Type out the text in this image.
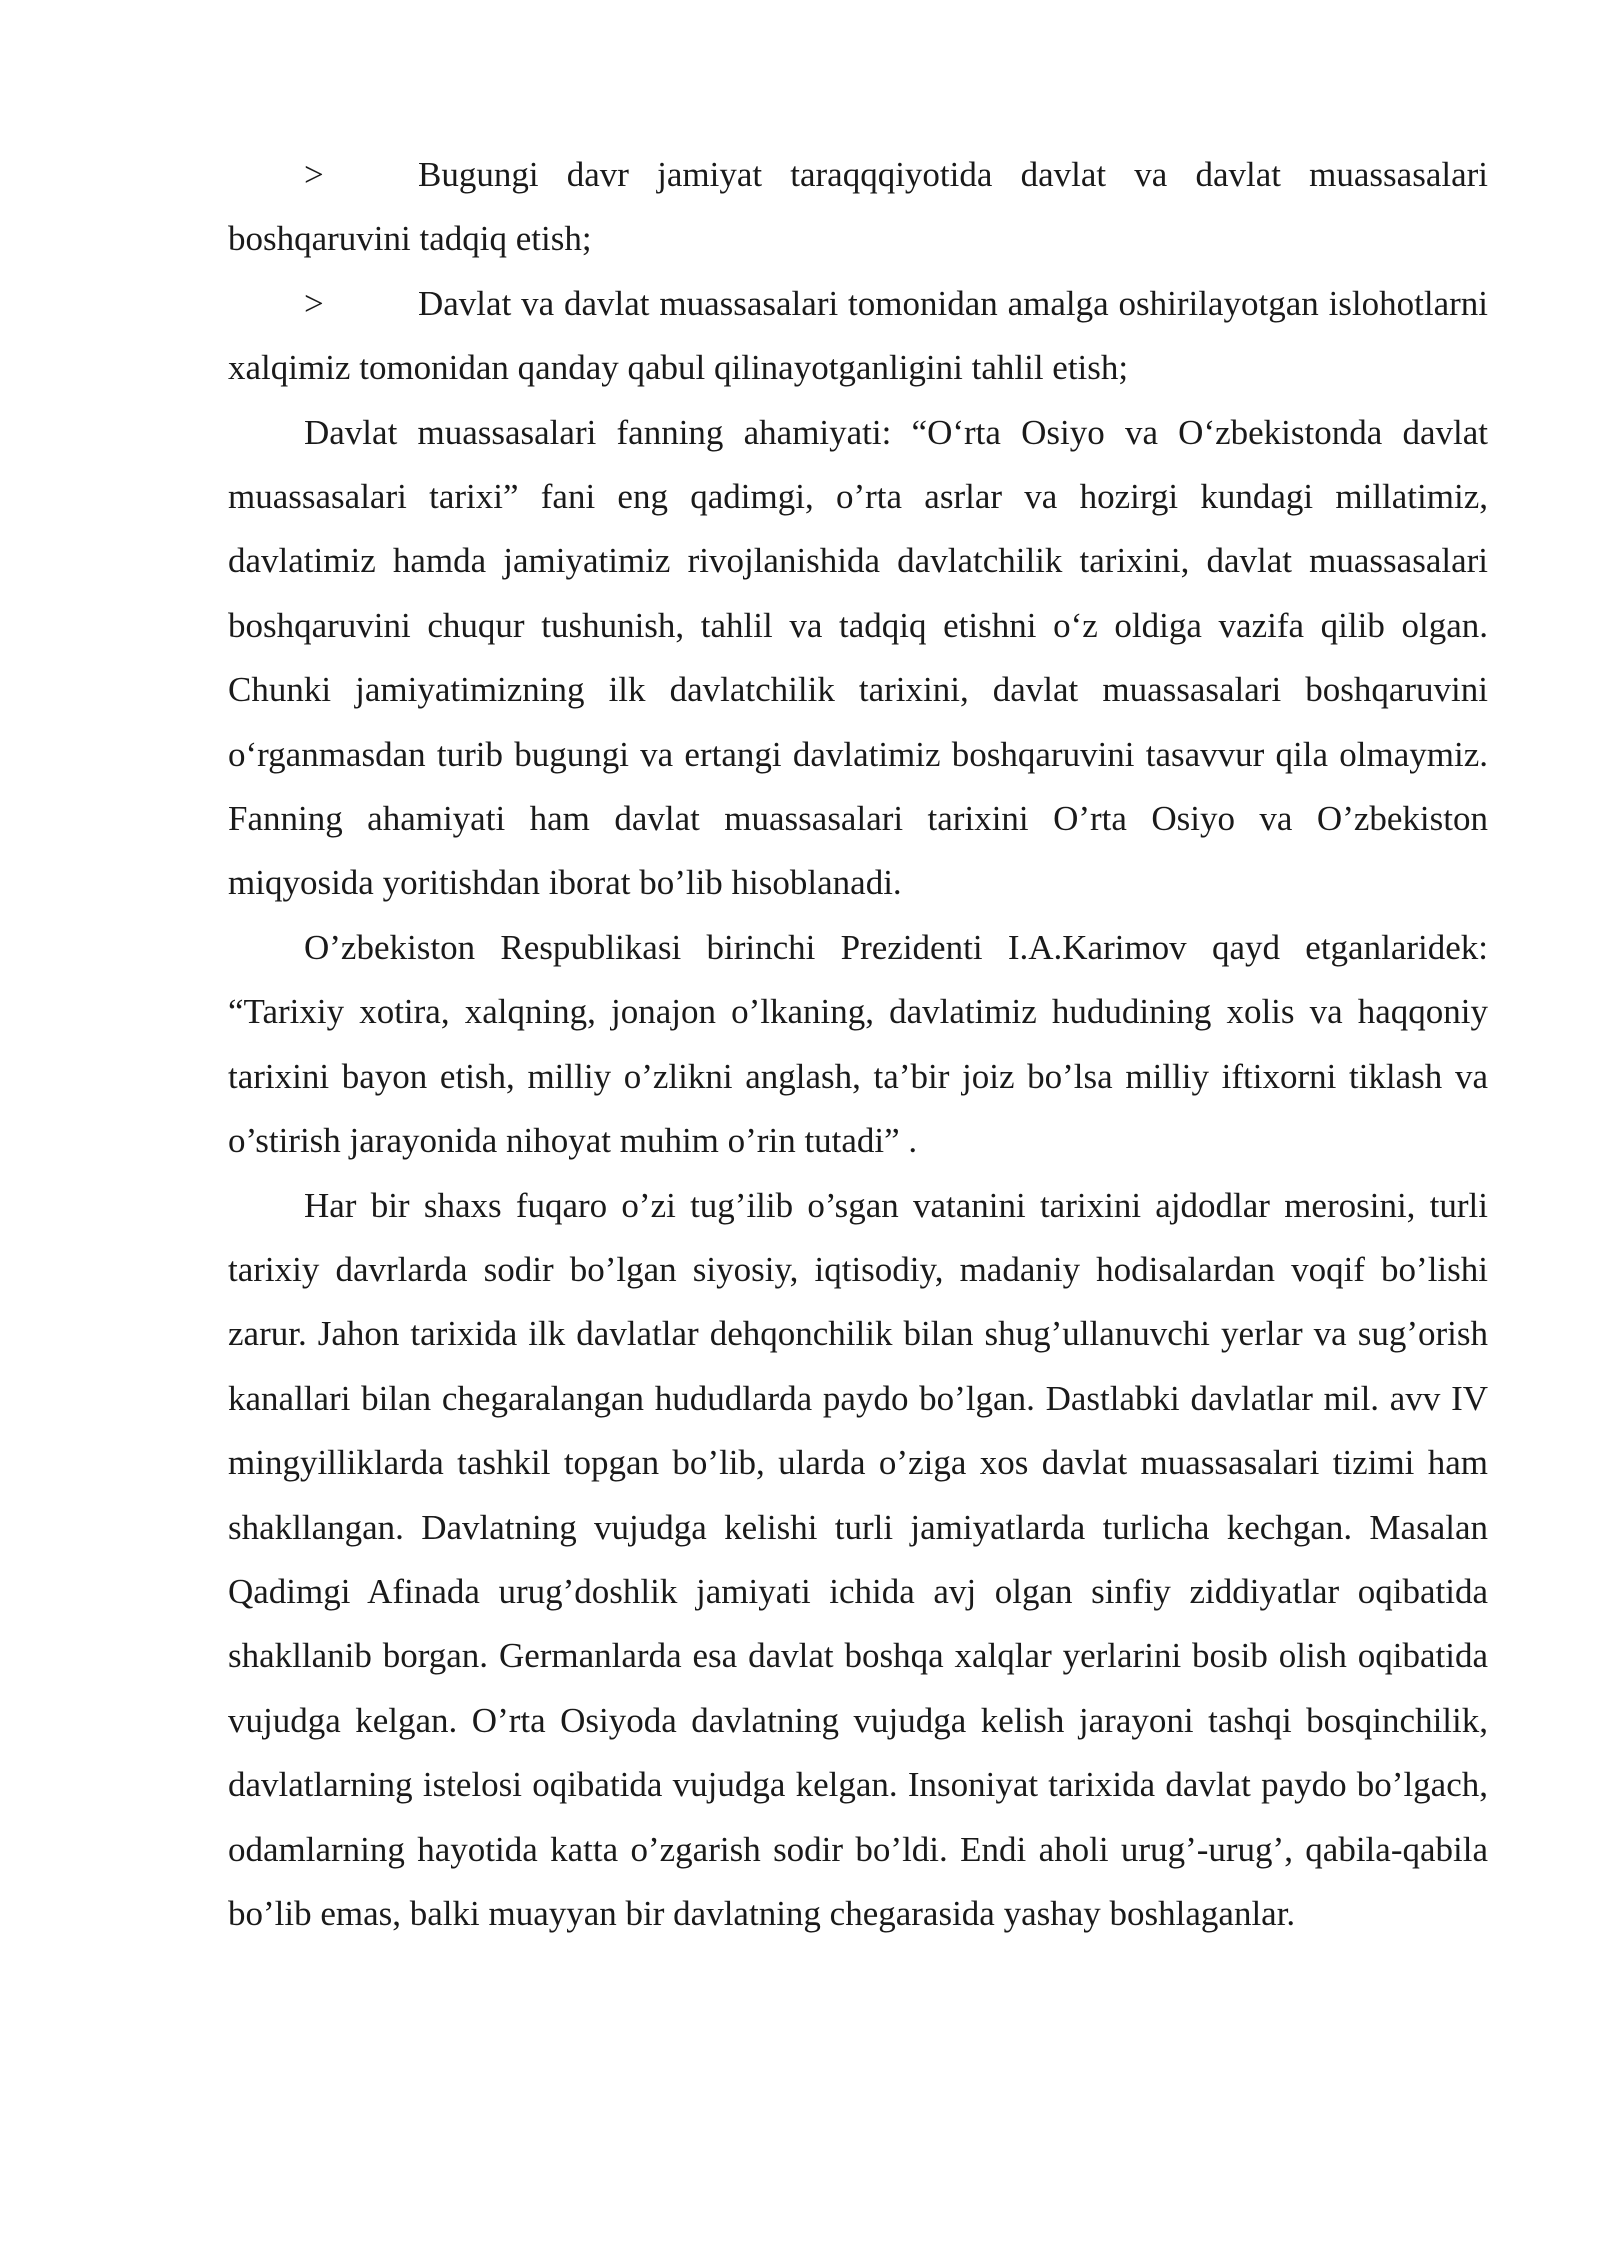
>	Bugungi davr jamiyat taraqqqiyotida davlat va davlat muassasalari boshqaruvini tadqiq etish;

>	Davlat va davlat muassasalari tomonidan amalga oshirilayotgan islohotlarni xalqimiz tomonidan qanday qabul qilinayotganligini tahlil etish;

Davlat muassasalari fanning ahamiyati: “O‘rta Osiyo va O‘zbekistonda davlat muassasalari tarixi” fani eng qadimgi, o’rta asrlar va hozirgi kundagi millatimiz, davlatimiz hamda jamiyatimiz rivojlanishida davlatchilik tarixini, davlat muassasalari boshqaruvini chuqur tushunish, tahlil va tadqiq etishni o‘z oldiga vazifa qilib olgan. Chunki jamiyatimizning ilk davlatchilik tarixini, davlat muassasalari boshqaruvini o‘rganmasdan turib bugungi va ertangi davlatimiz boshqaruvini tasavvur qila olmaymiz. Fanning ahamiyati ham davlat muassasalari tarixini O’rta Osiyo va O’zbekiston miqyosida yoritishdan iborat bo’lib hisoblanadi.

O’zbekiston Respublikasi birinchi Prezidenti I.A.Karimov qayd etganlaridek: “Tarixiy xotira, xalqning, jonajon o’lkaning, davlatimiz hududining xolis va haqqoniy tarixini bayon etish, milliy o’zlikni anglash, ta’bir joiz bo’lsa milliy iftixorni tiklash va o’stirish jarayonida nihoyat muhim o’rin tutadi” .

Har bir shaxs fuqaro o’zi tug’ilib o’sgan vatanini tarixini ajdodlar merosini, turli tarixiy davrlarda sodir bo’lgan siyosiy, iqtisodiy, madaniy hodisalardan voqif bo’lishi zarur. Jahon tarixida ilk davlatlar dehqonchilik bilan shug’ullanuvchi yerlar va sug’orish kanallari bilan chegaralangan hududlarda paydo bo’lgan. Dastlabki davlatlar mil. avv IV mingyilliklarda tashkil topgan bo’lib, ularda o’ziga xos davlat muassasalari tizimi ham shakllangan. Davlatning vujudga kelishi turli jamiyatlarda turlicha kechgan. Masalan Qadimgi Afinada urug’doshlik jamiyati ichida avj olgan sinfiy ziddiyatlar oqibatida shakllanib borgan. Germanlarda esa davlat boshqa xalqlar yerlarini bosib olish oqibatida vujudga kelgan. O’rta Osiyoda davlatning vujudga kelish jarayoni tashqi bosqinchilik, davlatlarning istelosi oqibatida vujudga kelgan. Insoniyat tarixida davlat paydo bo’lgach, odamlarning hayotida katta o’zgarish sodir bo’ldi. Endi aholi urug’-urug’, qabila-qabila bo’lib emas, balki muayyan bir davlatning chegarasida yashay boshlaganlar.
